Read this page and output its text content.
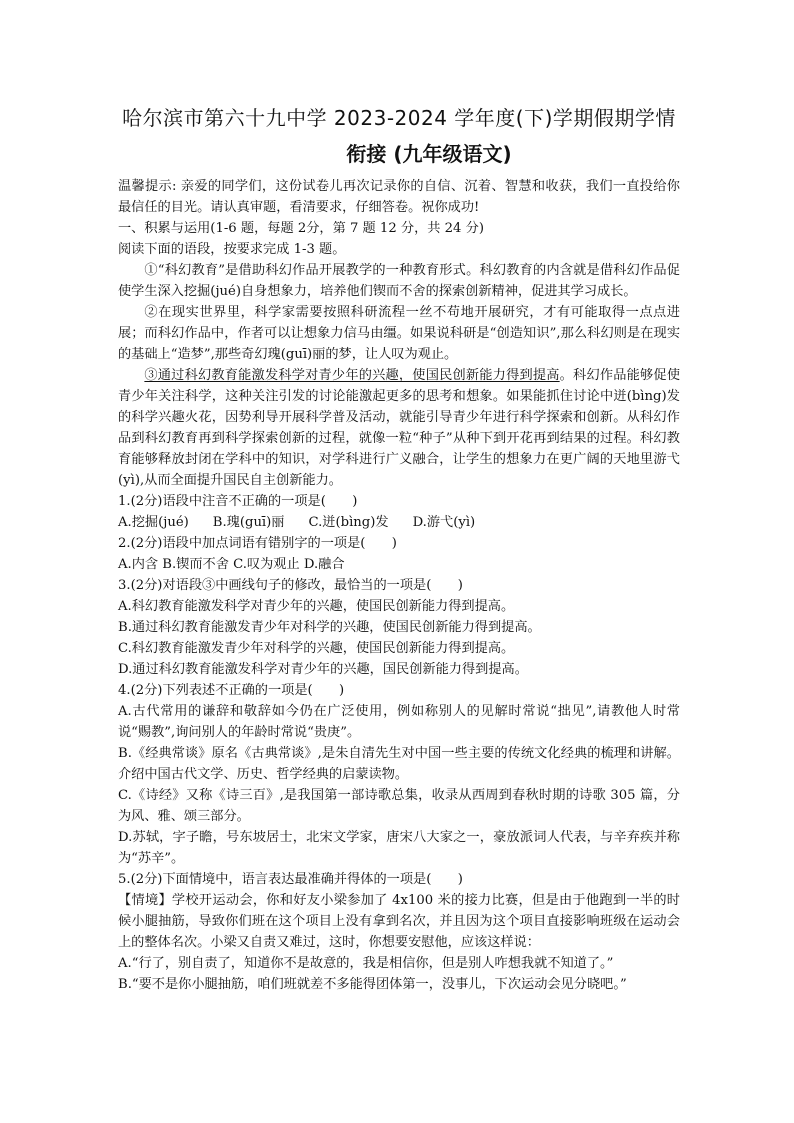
哈尔滨市第六十九中学 2023-2024 学年度(下)学期假期学情
衔接 (九年级语文)

温馨提示: 亲爱的同学们，这份试卷儿再次记录你的自信、沉着、智慧和收获，我们一直投给你最信任的目光。请认真审题，看清要求，仔细答卷。祝你成功!

一、积累与运用(1-6 题，每题 2分，第 7 题 12 分，共 24 分)

阅读下面的语段，按要求完成 1-3 题。

①“科幻教育”是借助科幻作品开展教学的一种教育形式。科幻教育的内含就是借科幻作品促使学生深入挖掘(jué)自身想象力，培养他们锲而不舍的探索创新精神，促进其学习成长。

②在现实世界里，科学家需要按照科研流程一丝不苟地开展研究，才有可能取得一点点进展；而科幻作品中，作者可以让想象力信马由缰。如果说科研是“创造知识”,那么科幻则是在现实的基础上“造梦”,那些奇幻瑰(guī)丽的梦，让人叹为观止。

③通过科幻教育能激发科学对青少年的兴趣，使国民创新能力得到提高。科幻作品能够促使青少年关注科学，这种关注引发的讨论能激起更多的思考和想象。如果能抓住讨论中迸(bìng)发的科学兴趣火花，因势利导开展科学普及活动，就能引导青少年进行科学探索和创新。从科幻作品到科幻教育再到科学探索创新的过程，就像一粒“种子”从种下到开花再到结果的过程。科幻教育能够释放封闭在学科中的知识，对学科进行广义融合，让学生的想象力在更广阔的天地里游弋(yì),从而全面提升国民自主创新能力。

1.(2分)语段中注音不正确的一项是(　　)

A.挖掘(jué) B.瑰(guī)丽 C.迸(bìng)发 D.游弋(yì)

2.(2分)语段中加点词语有错别字的一项是(　　)

A.内含 B.锲而不舍 C.叹为观止 D.融合

3.(2分)对语段③中画线句子的修改，最恰当的一项是(　　)

A.科幻教育能激发科学对青少年的兴趣，使国民创新能力得到提高。

B.通过科幻教育能激发青少年对科学的兴趣，使国民创新能力得到提高。

C.科幻教育能激发青少年对科学的兴趣，使国民创新能力得到提高。

D.通过科幻教育能激发科学对青少年的兴趣，国民创新能力得到提高。

4.(2分)下列表述不正确的一项是(　　)

A.古代常用的谦辞和敬辞如今仍在广泛使用，例如称别人的见解时常说“拙见”,请教他人时常说“赐教”,询问别人的年龄时常说“贵庚”。

B.《经典常谈》原名《古典常谈》,是朱自清先生对中国一些主要的传统文化经典的梳理和讲解。介绍中国古代文学、历史、哲学经典的启蒙读物。

C.《诗经》又称《诗三百》,是我国第一部诗歌总集，收录从西周到春秋时期的诗歌 305 篇，分为风、雅、颂三部分。

D.苏轼，字子瞻，号东坡居士，北宋文学家，唐宋八大家之一，豪放派词人代表，与辛弃疾并称为“苏辛”。

5.(2分)下面情境中，语言表达最准确并得体的一项是(　　)

【情境】学校开运动会，你和好友小梁参加了 4x100 米的接力比赛，但是由于他跑到一半的时候小腿抽筋，导致你们班在这个项目上没有拿到名次，并且因为这个项目直接影响班级在运动会上的整体名次。小梁又自责又难过，这时，你想要安慰他，应该这样说：

A.“行了，别自责了，知道你不是故意的，我是相信你，但是别人咋想我就不知道了。”

B.“要不是你小腿抽筋，咱们班就差不多能得团体第一，没事儿，下次运动会见分晓吧。”
